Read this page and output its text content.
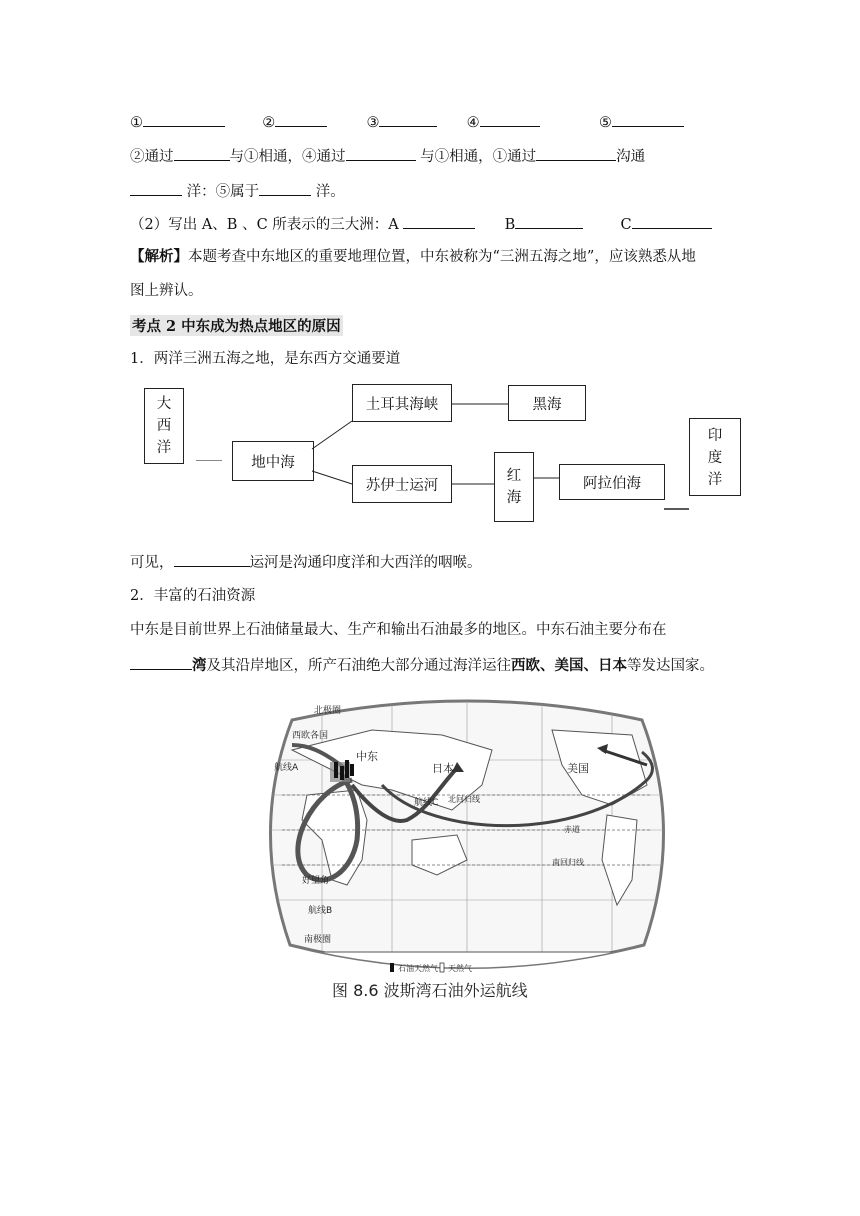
①	②	③	④	⑤
②通过	与①相通，④通过	与①相通，①通过	沟通
洋：⑤属于	洋。
（2）写出 A、B 、C 所表示的三大洲：A	B	C
【解析】本题考查中东地区的重要地理位置，中东被称为“三洲五海之地”，应该熟悉从地
图上辨认。
考点 2 中东成为热点地区的原因
1．两洋三洲五海之地，是东西方交通要道
大
西
洋
地中海
土耳其海峡	黑海
苏伊士运河
红
海
阿拉伯海
印
度
洋
可见，	运河是沟通印度洋和大西洋的咽喉。
2．丰富的石油资源
中东是目前世界上石油储量最大、生产和输出石油最多的地区。中东石油主要分布在
湾及其沿岸地区，所产石油绝大部分通过海洋运往西欧、美国、日本等发达国家。
北极圈
西欧各国
航线A
中东
日本	美国
航线C 北回归线
赤道
南回归线
好望角
航线B
南极圈
石油天然气 天然气
图 8.6 波斯湾石油外运航线
